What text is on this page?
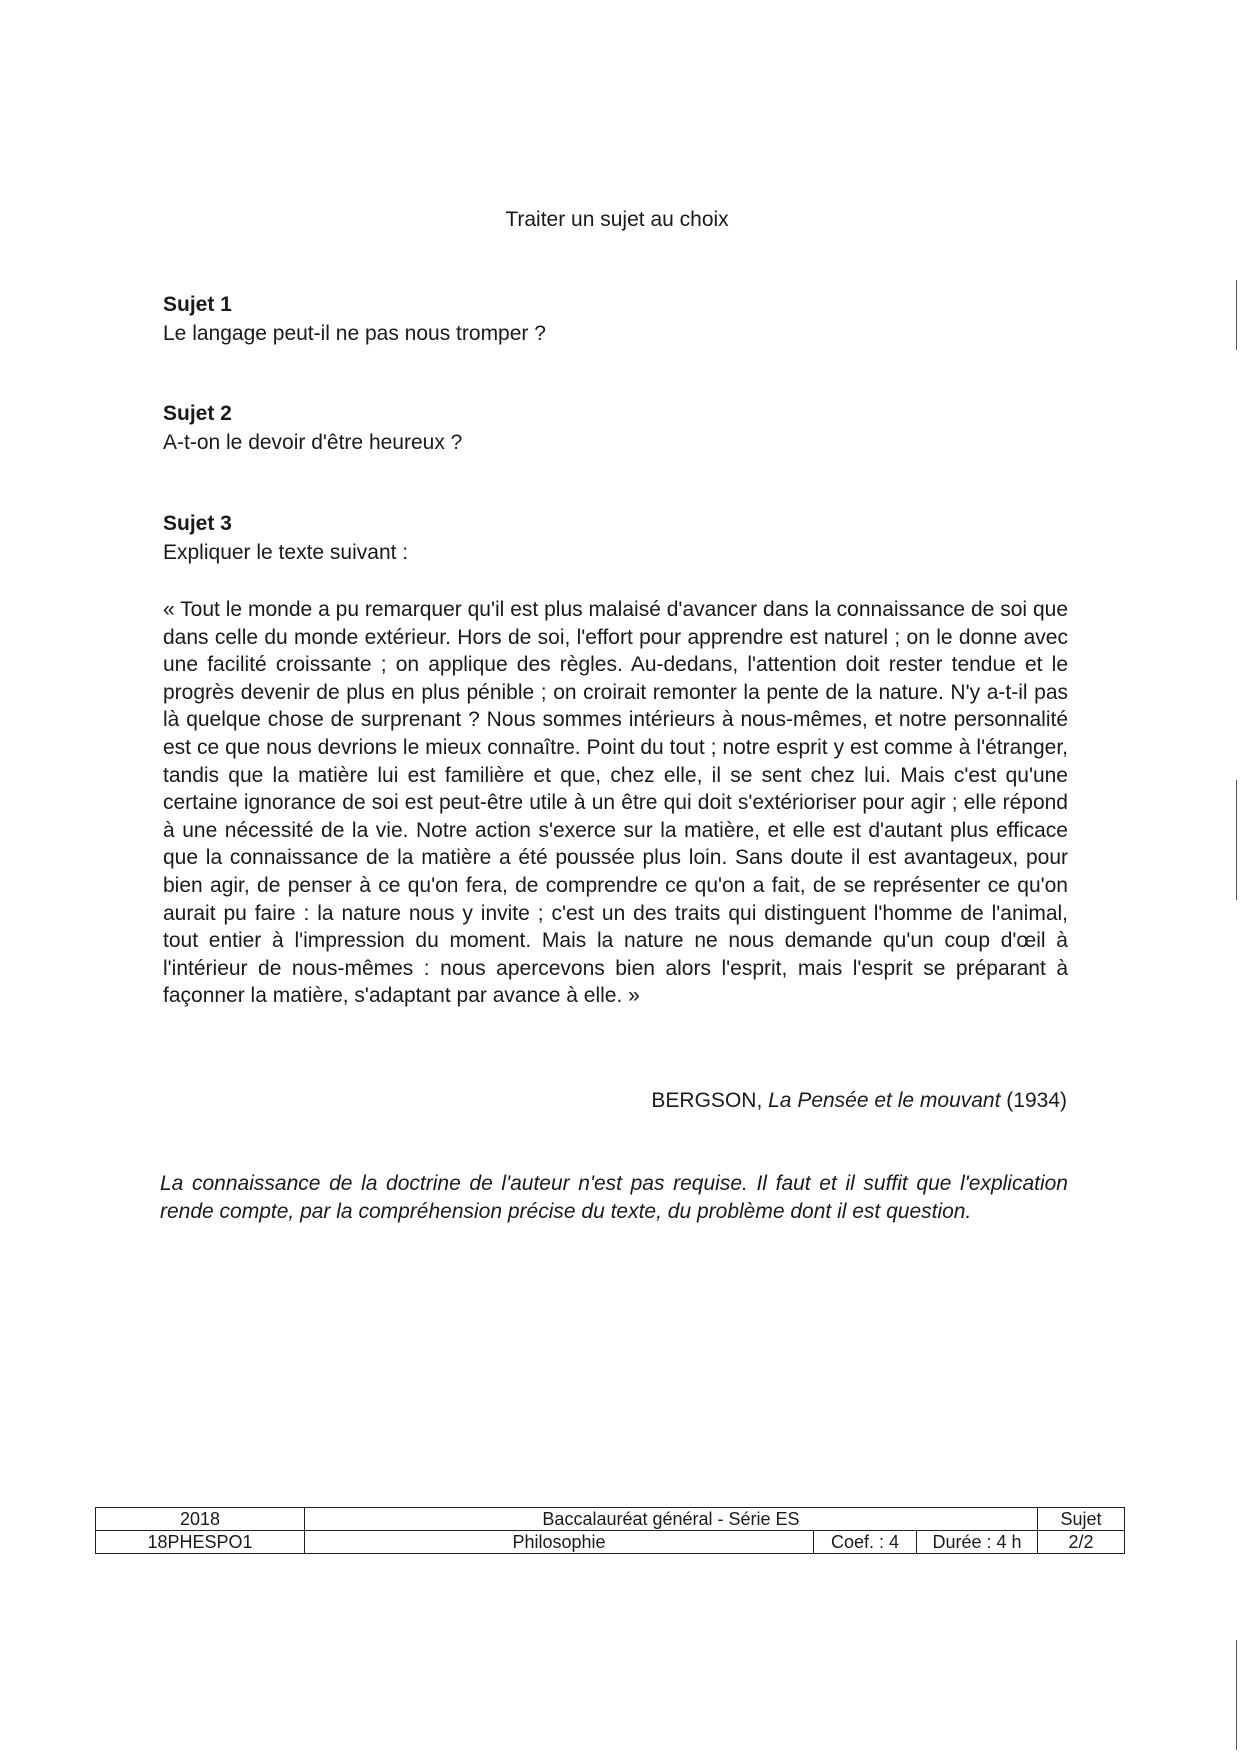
Traiter un sujet au choix
Sujet 1
Le langage peut-il ne pas nous tromper ?
Sujet 2
A-t-on le devoir d'être heureux ?
Sujet 3
Expliquer le texte suivant :
« Tout le monde a pu remarquer qu'il est plus malaisé d'avancer dans la connaissance de soi que dans celle du monde extérieur. Hors de soi, l'effort pour apprendre est naturel ; on le donne avec une facilité croissante ; on applique des règles. Au-dedans, l'attention doit rester tendue et le progrès devenir de plus en plus pénible ; on croirait remonter la pente de la nature. N'y a-t-il pas là quelque chose de surprenant ? Nous sommes intérieurs à nous-mêmes, et notre personnalité est ce que nous devrions le mieux connaître. Point du tout ; notre esprit y est comme à l'étranger, tandis que la matière lui est familière et que, chez elle, il se sent chez lui. Mais c'est qu'une certaine ignorance de soi est peut-être utile à un être qui doit s'extérioriser pour agir ; elle répond à une nécessité de la vie. Notre action s'exerce sur la matière, et elle est d'autant plus efficace que la connaissance de la matière a été poussée plus loin. Sans doute il est avantageux, pour bien agir, de penser à ce qu'on fera, de comprendre ce qu'on a fait, de se représenter ce qu'on aurait pu faire : la nature nous y invite ; c'est un des traits qui distinguent l'homme de l'animal, tout entier à l'impression du moment. Mais la nature ne nous demande qu'un coup d'œil à l'intérieur de nous-mêmes : nous apercevons bien alors l'esprit, mais l'esprit se préparant à façonner la matière, s'adaptant par avance à elle. »
BERGSON, La Pensée et le mouvant (1934)
La connaissance de la doctrine de l'auteur n'est pas requise. Il faut et il suffit que l'explication rende compte, par la compréhension précise du texte, du problème dont il est question.
2018	Baccalauréat général - Série ES			Sujet
18PHESPO1	Philosophie	Coef. : 4	Durée : 4 h	2/2
